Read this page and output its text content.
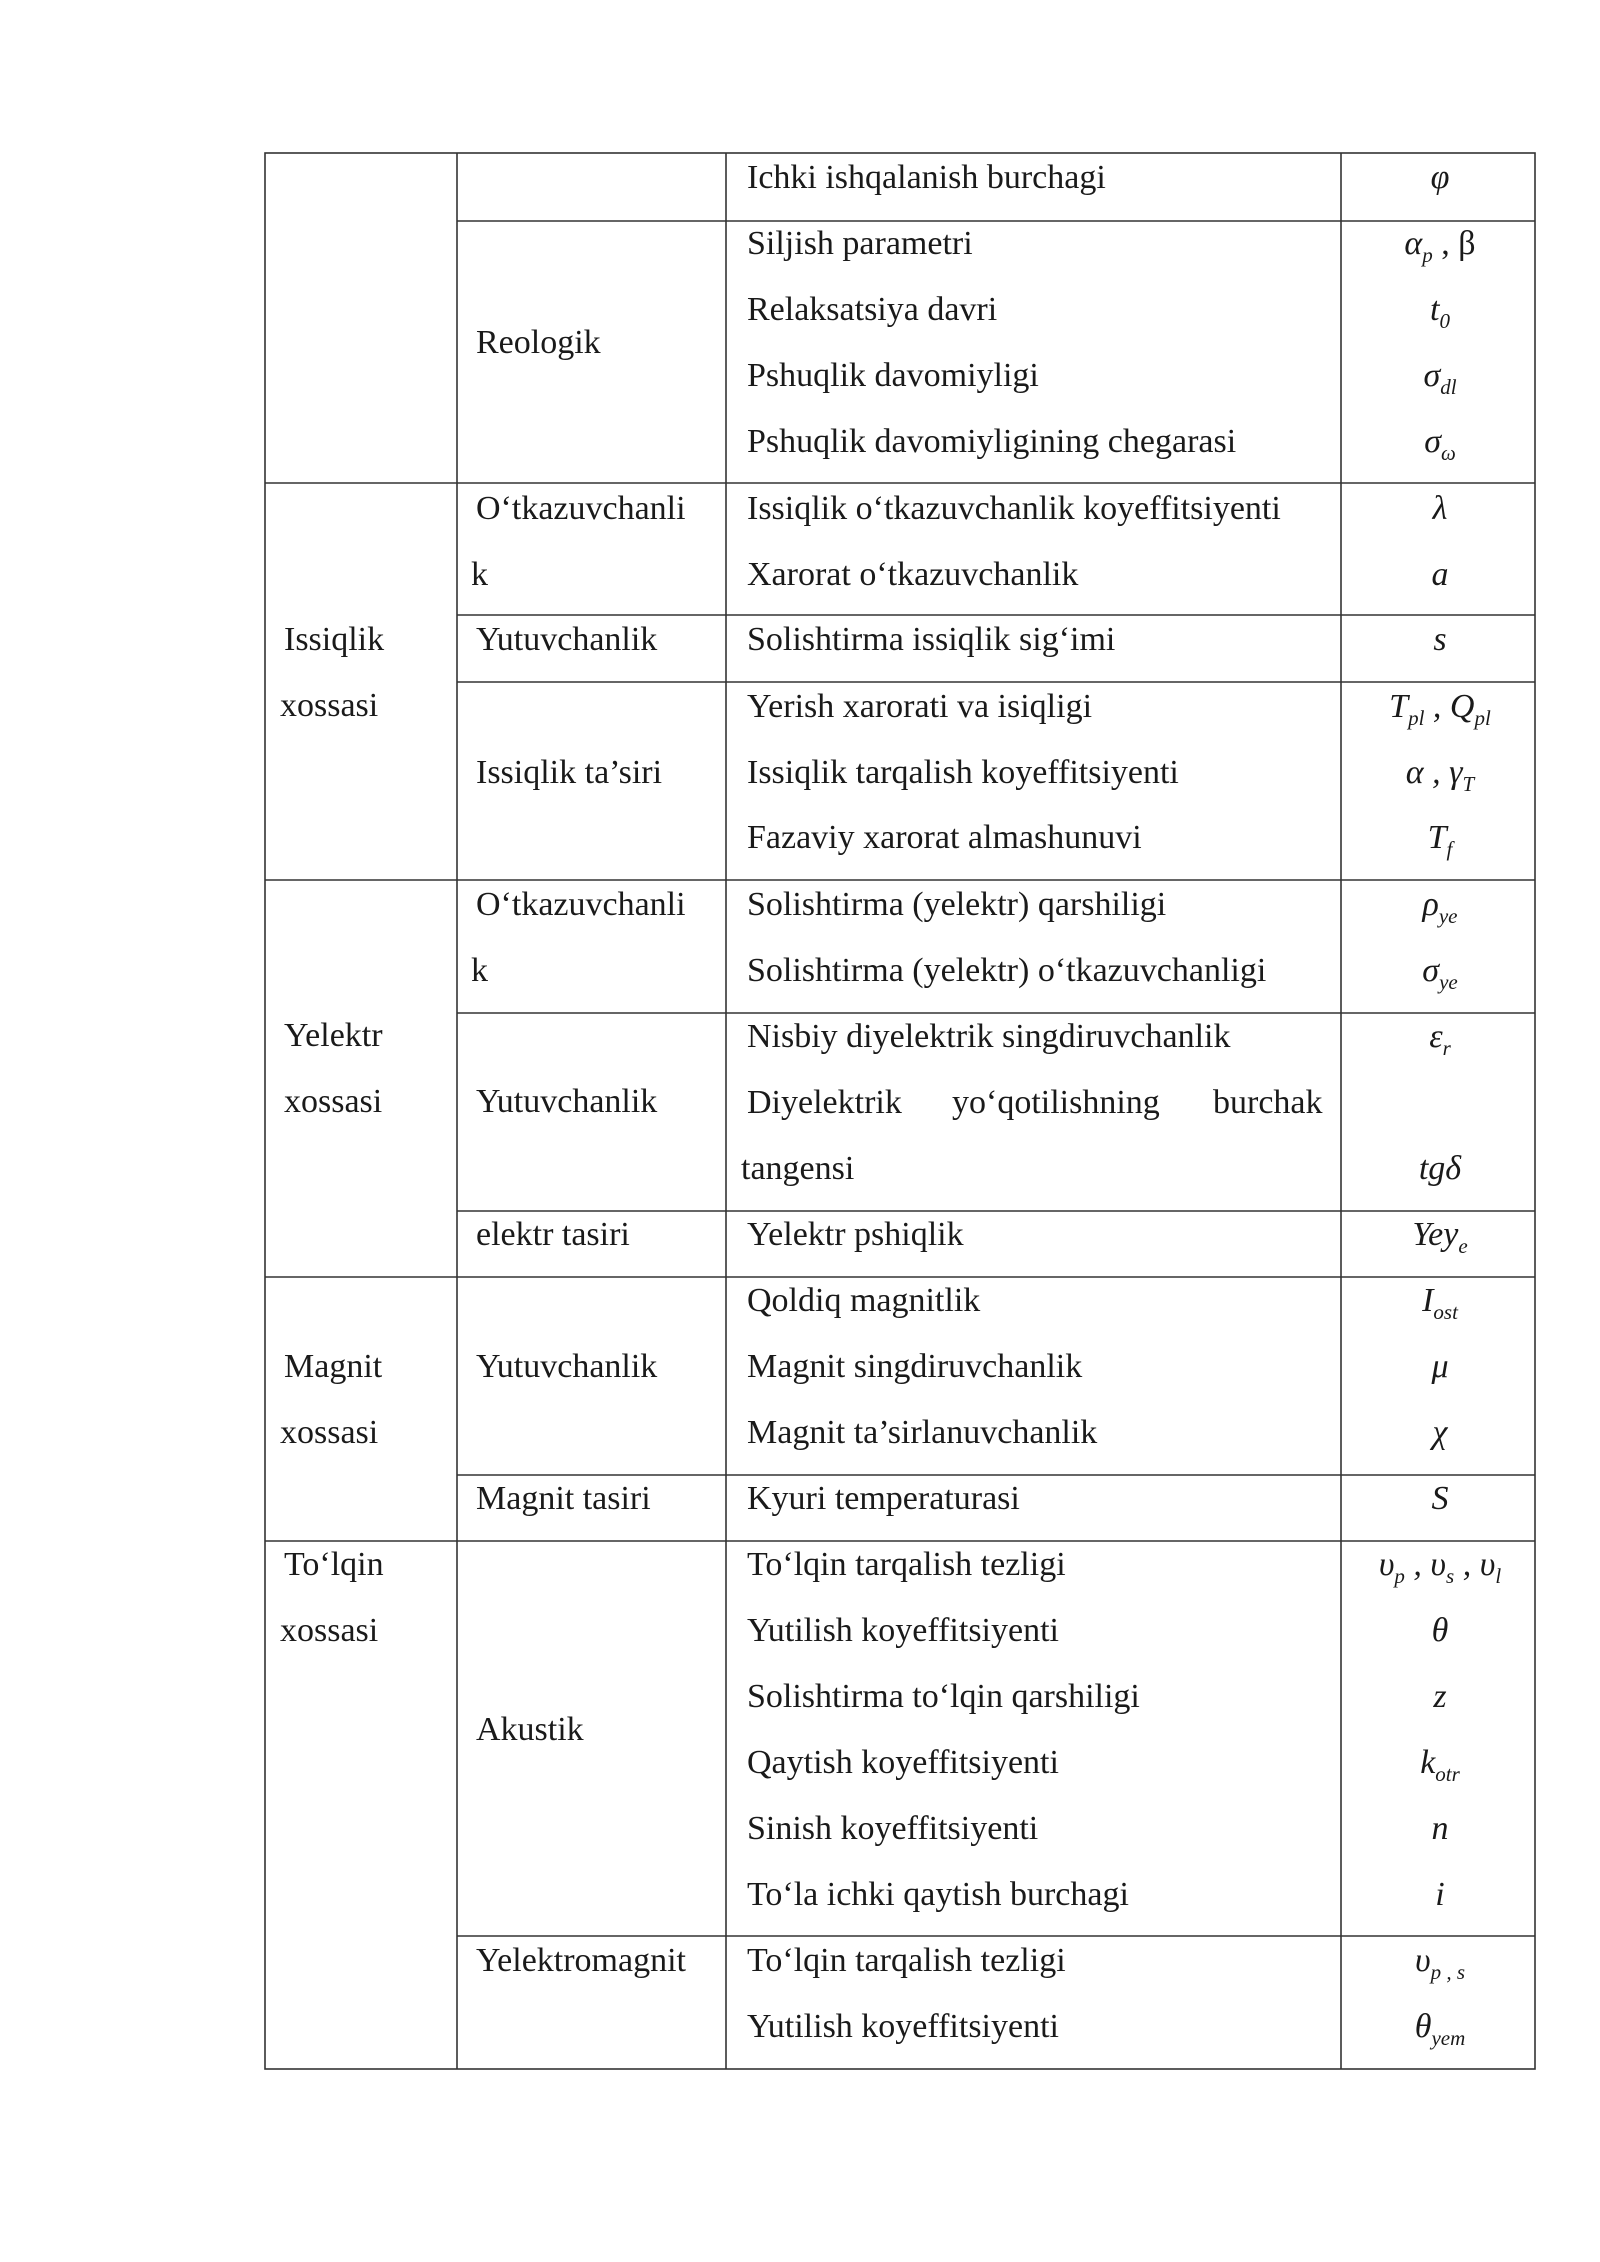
Issiqlik
xossasi
Yelektr
xossasi
Magnit
xossasi
To‘lqin
xossasi
Reologik
O‘tkazuvchanli
k
Yutuvchanlik
Issiqlik ta’siri
O‘tkazuvchanli
k
Yutuvchanlik
elektr tasiri
Yutuvchanlik
Magnit tasiri
Akustik
Yelektromagnit
Ichki ishqalanish burchagi
Siljish parametri
Relaksatsiya davri
Pshuqlik davomiyligi
Pshuqlik davomiyligining chegarasi
Issiqlik o‘tkazuvchanlik koyeffitsiyenti
Xarorat o‘tkazuvchanlik
Solishtirma issiqlik sig‘imi
Yerish xarorati va isiqligi
Issiqlik tarqalish koyeffitsiyenti
Fazaviy xarorat almashunuvi
Solishtirma (yelektr) qarshiligi
Solishtirma (yelektr) o‘tkazuvchanligi
Nisbiy diyelektrik singdiruvchanlik
Diyelektrik yo‘qotilishning burchak
tangensi
Yelektr pshiqlik
Qoldiq magnitlik
Magnit singdiruvchanlik
Magnit ta’sirlanuvchanlik
Kyuri temperaturasi
To‘lqin tarqalish tezligi
Yutilish koyeffitsiyenti
Solishtirma to‘lqin qarshiligi
Qaytish koyeffitsiyenti
Sinish koyeffitsiyenti
To‘la ichki qaytish burchagi
To‘lqin tarqalish tezligi
Yutilish koyeffitsiyenti
φ
$\alpha_p$ , β
$t_0$
$\sigma_{dl}$
$\sigma_\omega$
λ
a
s
$T_{pl}$ , $Q_{pl}$
α , $\gamma_T$
$T_f$
$\rho_{ye}$
$\sigma_{ye}$
$\varepsilon_r$
tgδ
Yey$_e$
$I_{ost}$
μ
χ
S
$\upsilon_p$ , $\upsilon_s$ , $\upsilon_l$
θ
z
$k_{otr}$
n
i
$\upsilon_{p , s}$
$\theta_{yem}$
